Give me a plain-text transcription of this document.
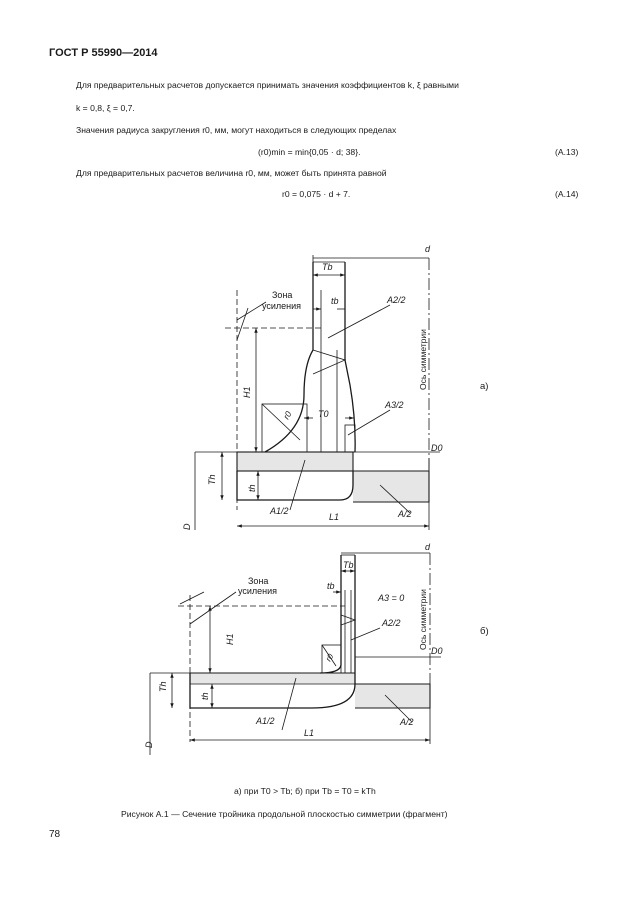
ГОСТ Р 55990—2014
Для предварительных расчетов допускается принимать значения коэффициентов k, ξ равными
k = 0,8, ξ = 0,7.
Значения радиуса закругления r0, мм, могут находиться в следующих пределах
(r0)min = min{0,05 · d; 38}.	(А.13)
Для предварительных расчетов величина r0, мм, может быть принята равной
r0 = 0,075 · d + 7.	(А.14)
d
Tb
tb
Зона
усиления
A2/2
Ось симметрии
H1
r0	T0
A3/2
D0
а)
Th
th
D
A1/2
L1	A/2
d
Tb
tb
Зона
усиления
A3 = 0
A2/2 Ось симметрии
H1
r0
D0
б)
Th
th
D
A1/2
L1
A/2
а) при T0 > Tb; б) при Tb = T0 = kTh
Рисунок А.1 — Сечение тройника продольной плоскостью симметрии (фрагмент)
78
